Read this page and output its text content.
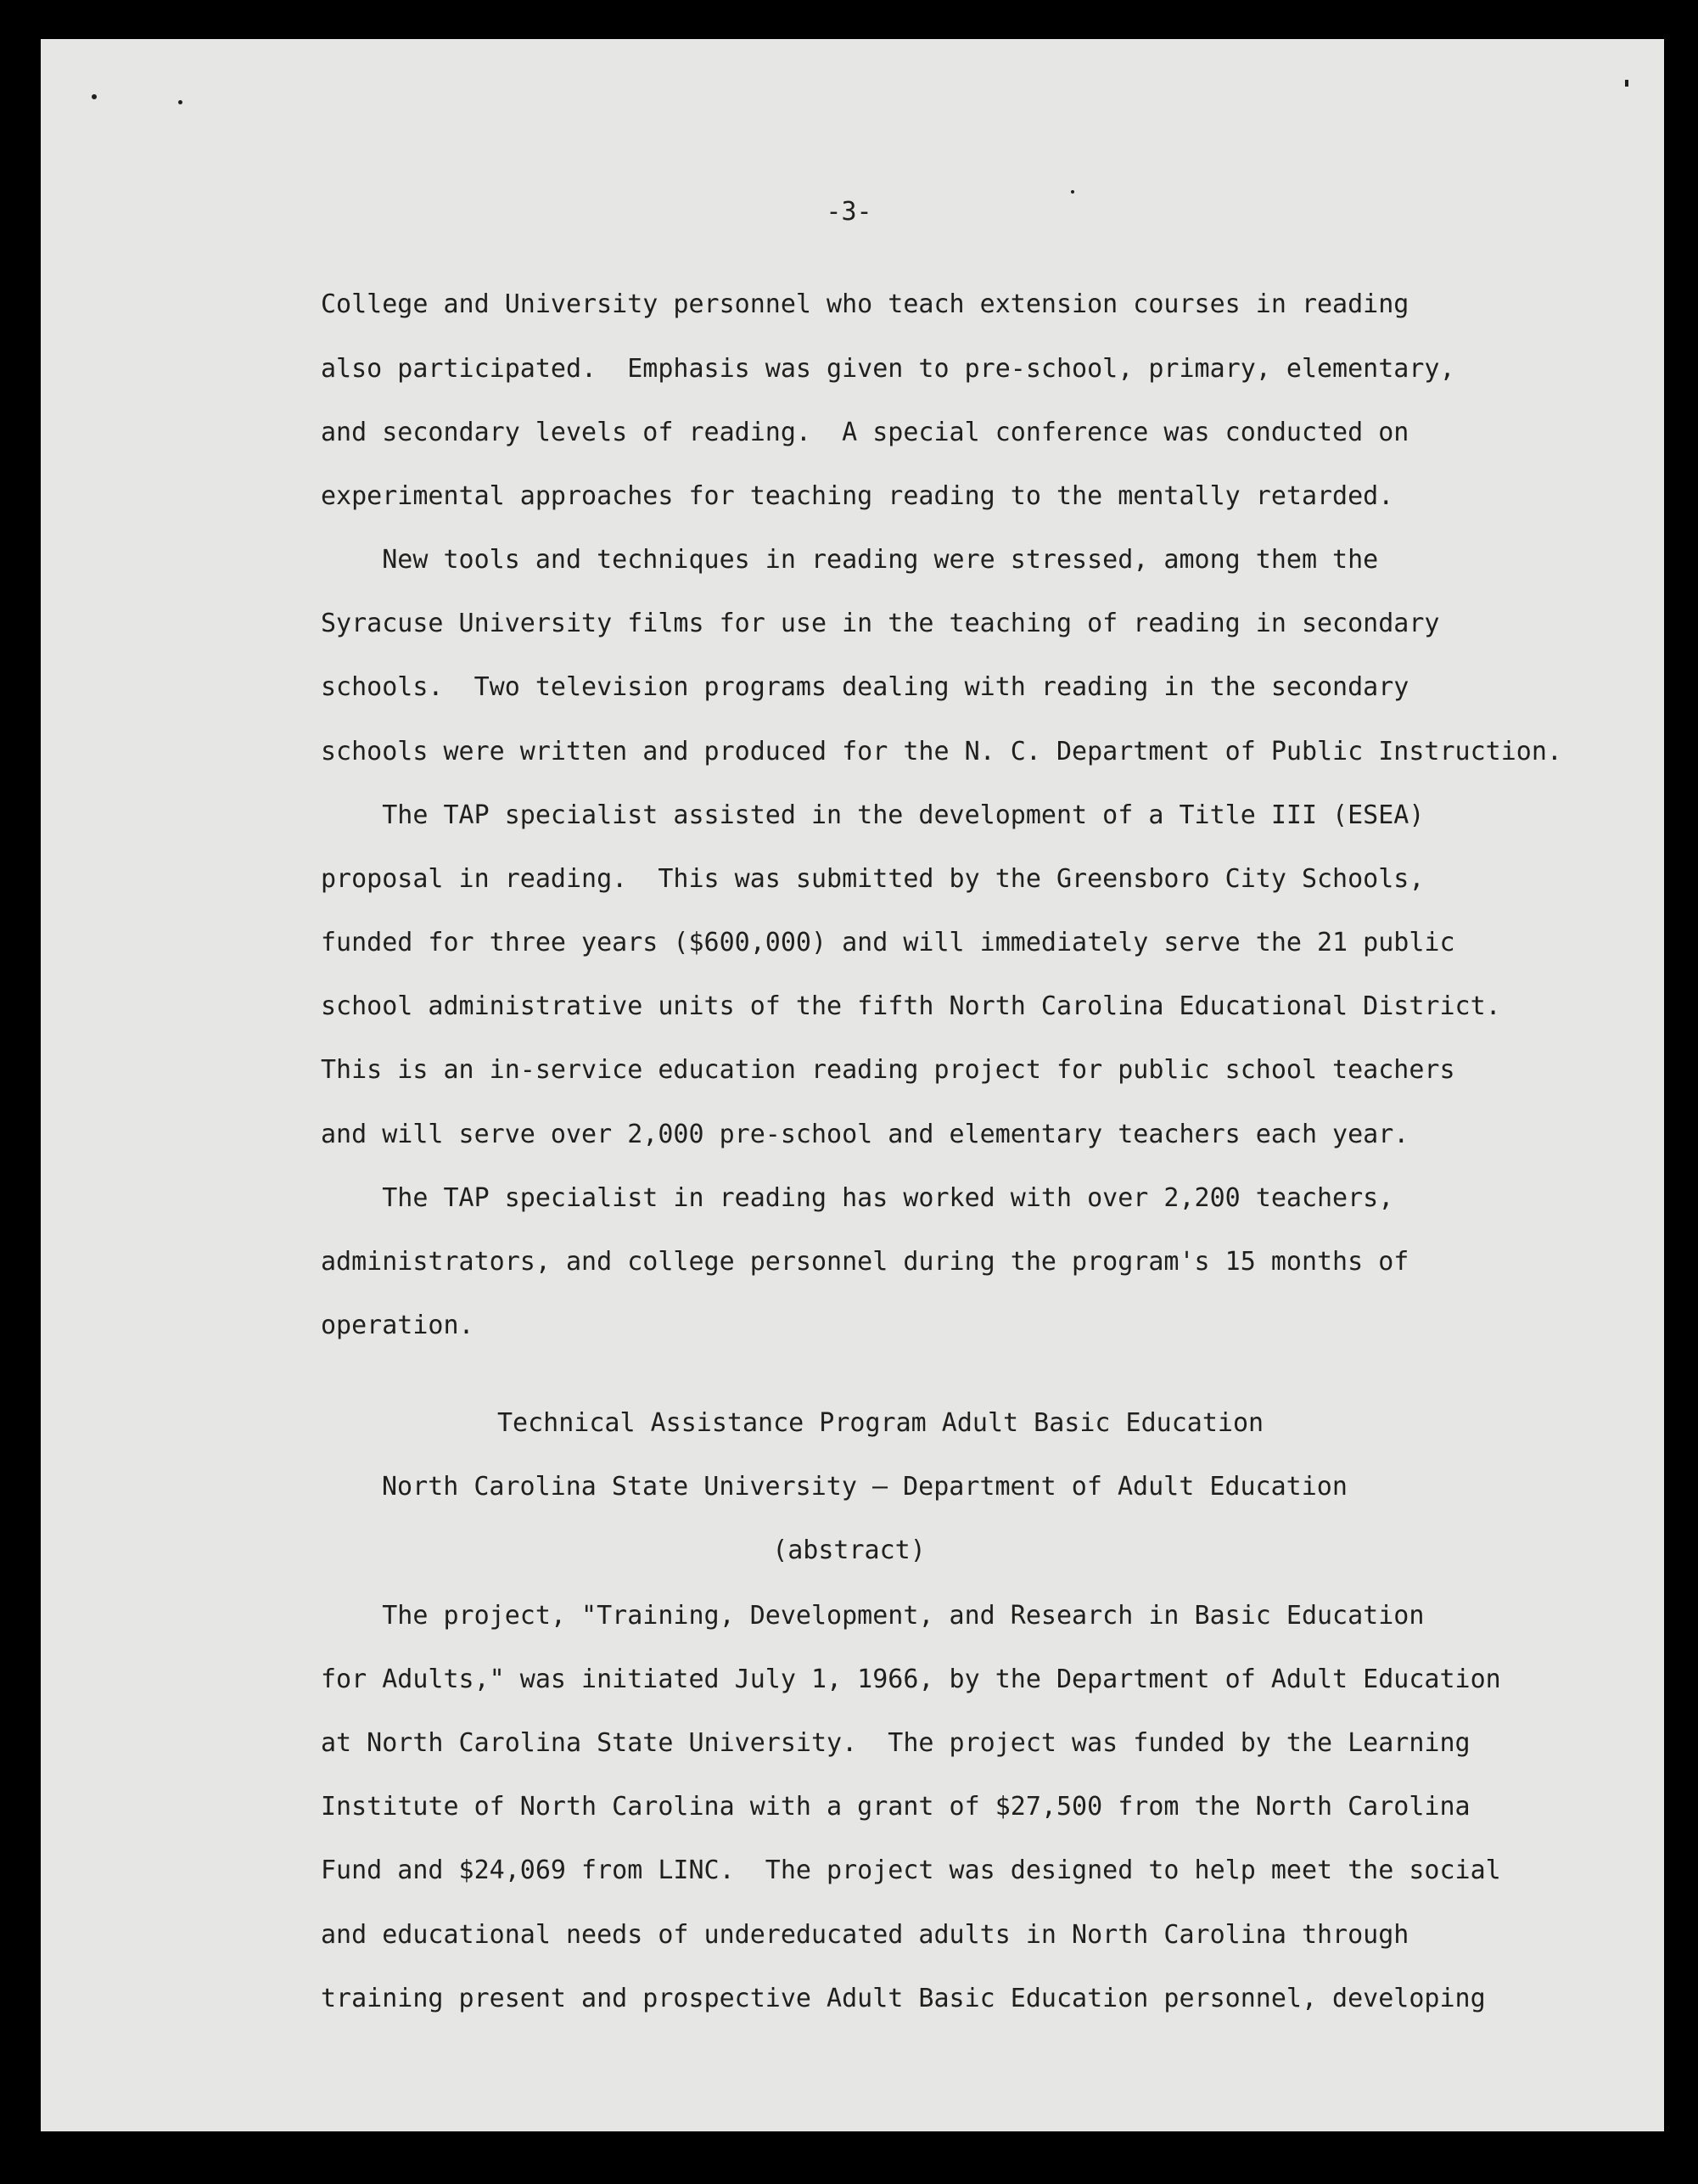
-3-
College and University personnel who teach extension courses in reading
also participated.  Emphasis was given to pre-school, primary, elementary,
and secondary levels of reading.  A special conference was conducted on
experimental approaches for teaching reading to the mentally retarded.
New tools and techniques in reading were stressed, among them the
Syracuse University films for use in the teaching of reading in secondary
schools.  Two television programs dealing with reading in the secondary
schools were written and produced for the N. C. Department of Public Instruction.
The TAP specialist assisted in the development of a Title III (ESEA)
proposal in reading.  This was submitted by the Greensboro City Schools,
funded for three years ($600,000) and will immediately serve the 21 public
school administrative units of the fifth North Carolina Educational District.
This is an in-service education reading project for public school teachers
and will serve over 2,000 pre-school and elementary teachers each year.
The TAP specialist in reading has worked with over 2,200 teachers,
administrators, and college personnel during the program's 15 months of
operation.
Technical Assistance Program Adult Basic Education
North Carolina State University — Department of Adult Education
(abstract)
The project, "Training, Development, and Research in Basic Education
for Adults," was initiated July 1, 1966, by the Department of Adult Education
at North Carolina State University.  The project was funded by the Learning
Institute of North Carolina with a grant of $27,500 from the North Carolina
Fund and $24,069 from LINC.  The project was designed to help meet the social
and educational needs of undereducated adults in North Carolina through
training present and prospective Adult Basic Education personnel, developing
